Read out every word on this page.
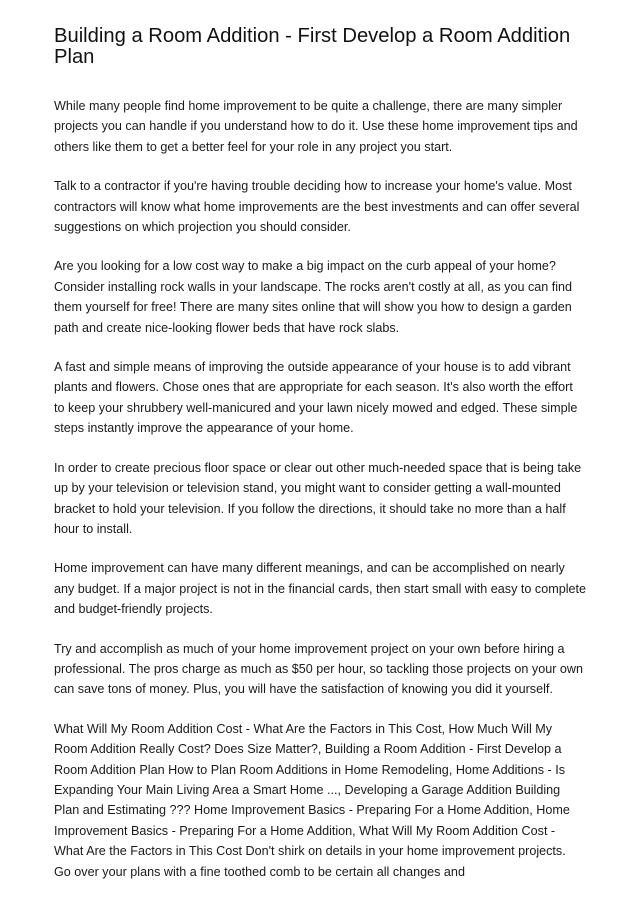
Building a Room Addition - First Develop a Room Addition Plan

While many people find home improvement to be quite a challenge, there are many simpler projects you can handle if you understand how to do it. Use these home improvement tips and others like them to get a better feel for your role in any project you start.

Talk to a contractor if you're having trouble deciding how to increase your home's value. Most contractors will know what home improvements are the best investments and can offer several suggestions on which projection you should consider.

Are you looking for a low cost way to make a big impact on the curb appeal of your home? Consider installing rock walls in your landscape. The rocks aren't costly at all, as you can find them yourself for free! There are many sites online that will show you how to design a garden path and create nice-looking flower beds that have rock slabs.

A fast and simple means of improving the outside appearance of your house is to add vibrant plants and flowers. Chose ones that are appropriate for each season. It's also worth the effort to keep your shrubbery well-manicured and your lawn nicely mowed and edged. These simple steps instantly improve the appearance of your home.

In order to create precious floor space or clear out other much-needed space that is being take up by your television or television stand, you might want to consider getting a wall-mounted bracket to hold your television. If you follow the directions, it should take no more than a half hour to install.

Home improvement can have many different meanings, and can be accomplished on nearly any budget. If a major project is not in the financial cards, then start small with easy to complete and budget-friendly projects.

Try and accomplish as much of your home improvement project on your own before hiring a professional. The pros charge as much as $50 per hour, so tackling those projects on your own can save tons of money. Plus, you will have the satisfaction of knowing you did it yourself.

What Will My Room Addition Cost - What Are the Factors in This Cost, How Much Will My Room Addition Really Cost? Does Size Matter?, Building a Room Addition - First Develop a Room Addition Plan How to Plan Room Additions in Home Remodeling, Home Additions - Is Expanding Your Main Living Area a Smart Home ..., Developing a Garage Addition Building Plan and Estimating ??? Home Improvement Basics - Preparing For a Home Addition, Home Improvement Basics - Preparing For a Home Addition, What Will My Room Addition Cost - What Are the Factors in This Cost Don't shirk on details in your home improvement projects. Go over your plans with a fine toothed comb to be certain all changes and
